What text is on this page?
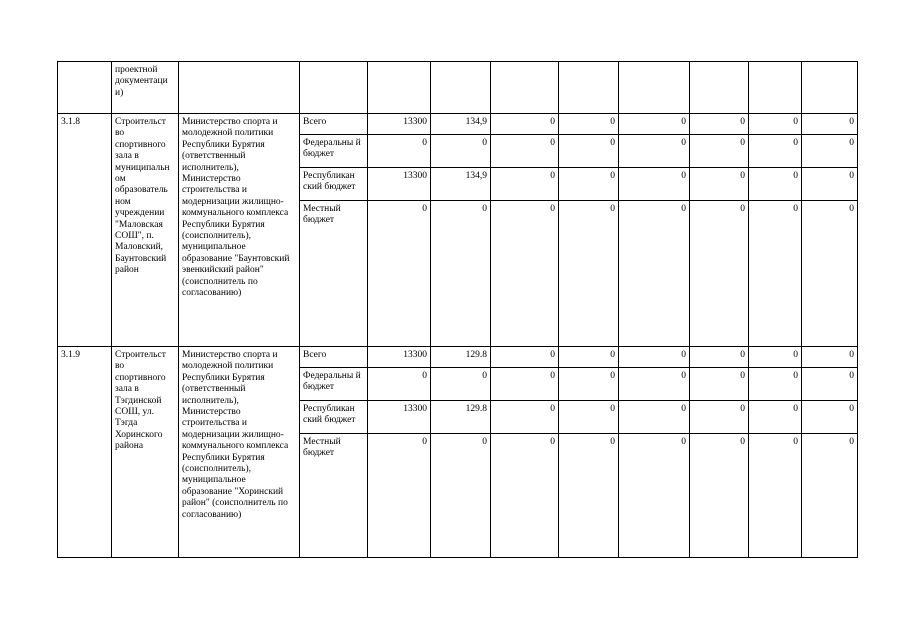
	проектной документаци и)										
3.1.8	Строительст во спортивного зала в муниципальн ом образователь ном учреждении "Маловская СОШ", п. Маловский, Баунтовский район	Министерство спорта и молодежной политики Республики Бурятия (ответственный исполнитель), Министерство строительства и модернизации жилищно-коммунального комплекса Республики Бурятия (соисполнитель), муниципальное образование "Баунтовский эвенкийский район" (соисполнитель по согласованию)	Всего	13300	134,9	0	0	0	0	0	0
			Федеральны й бюджет	0	0	0	0	0	0	0	0
			Республикан ский бюджет	13300	134,9	0	0	0	0	0	0
			Местный бюджет	0	0	0	0	0	0	0	0
3.1.9	Строительст во спортивного зала в Тэгдинской СОШ, ул. Тэгда Хоринского района	Министерство спорта и молодежной политики Республики Бурятия (ответственный исполнитель), Министерство строительства и модернизации жилищно-коммунального комплекса Республики Бурятия (соисполнитель), муниципальное образование "Хоринский район" (соисполнитель по согласованию)	Всего	13300	129.8	0	0	0	0	0	0
			Федеральны й бюджет	0	0	0	0	0	0	0	0
			Республикан ский бюджет	13300	129.8	0	0	0	0	0	0
			Местный бюджет	0	0	0	0	0	0	0	0
